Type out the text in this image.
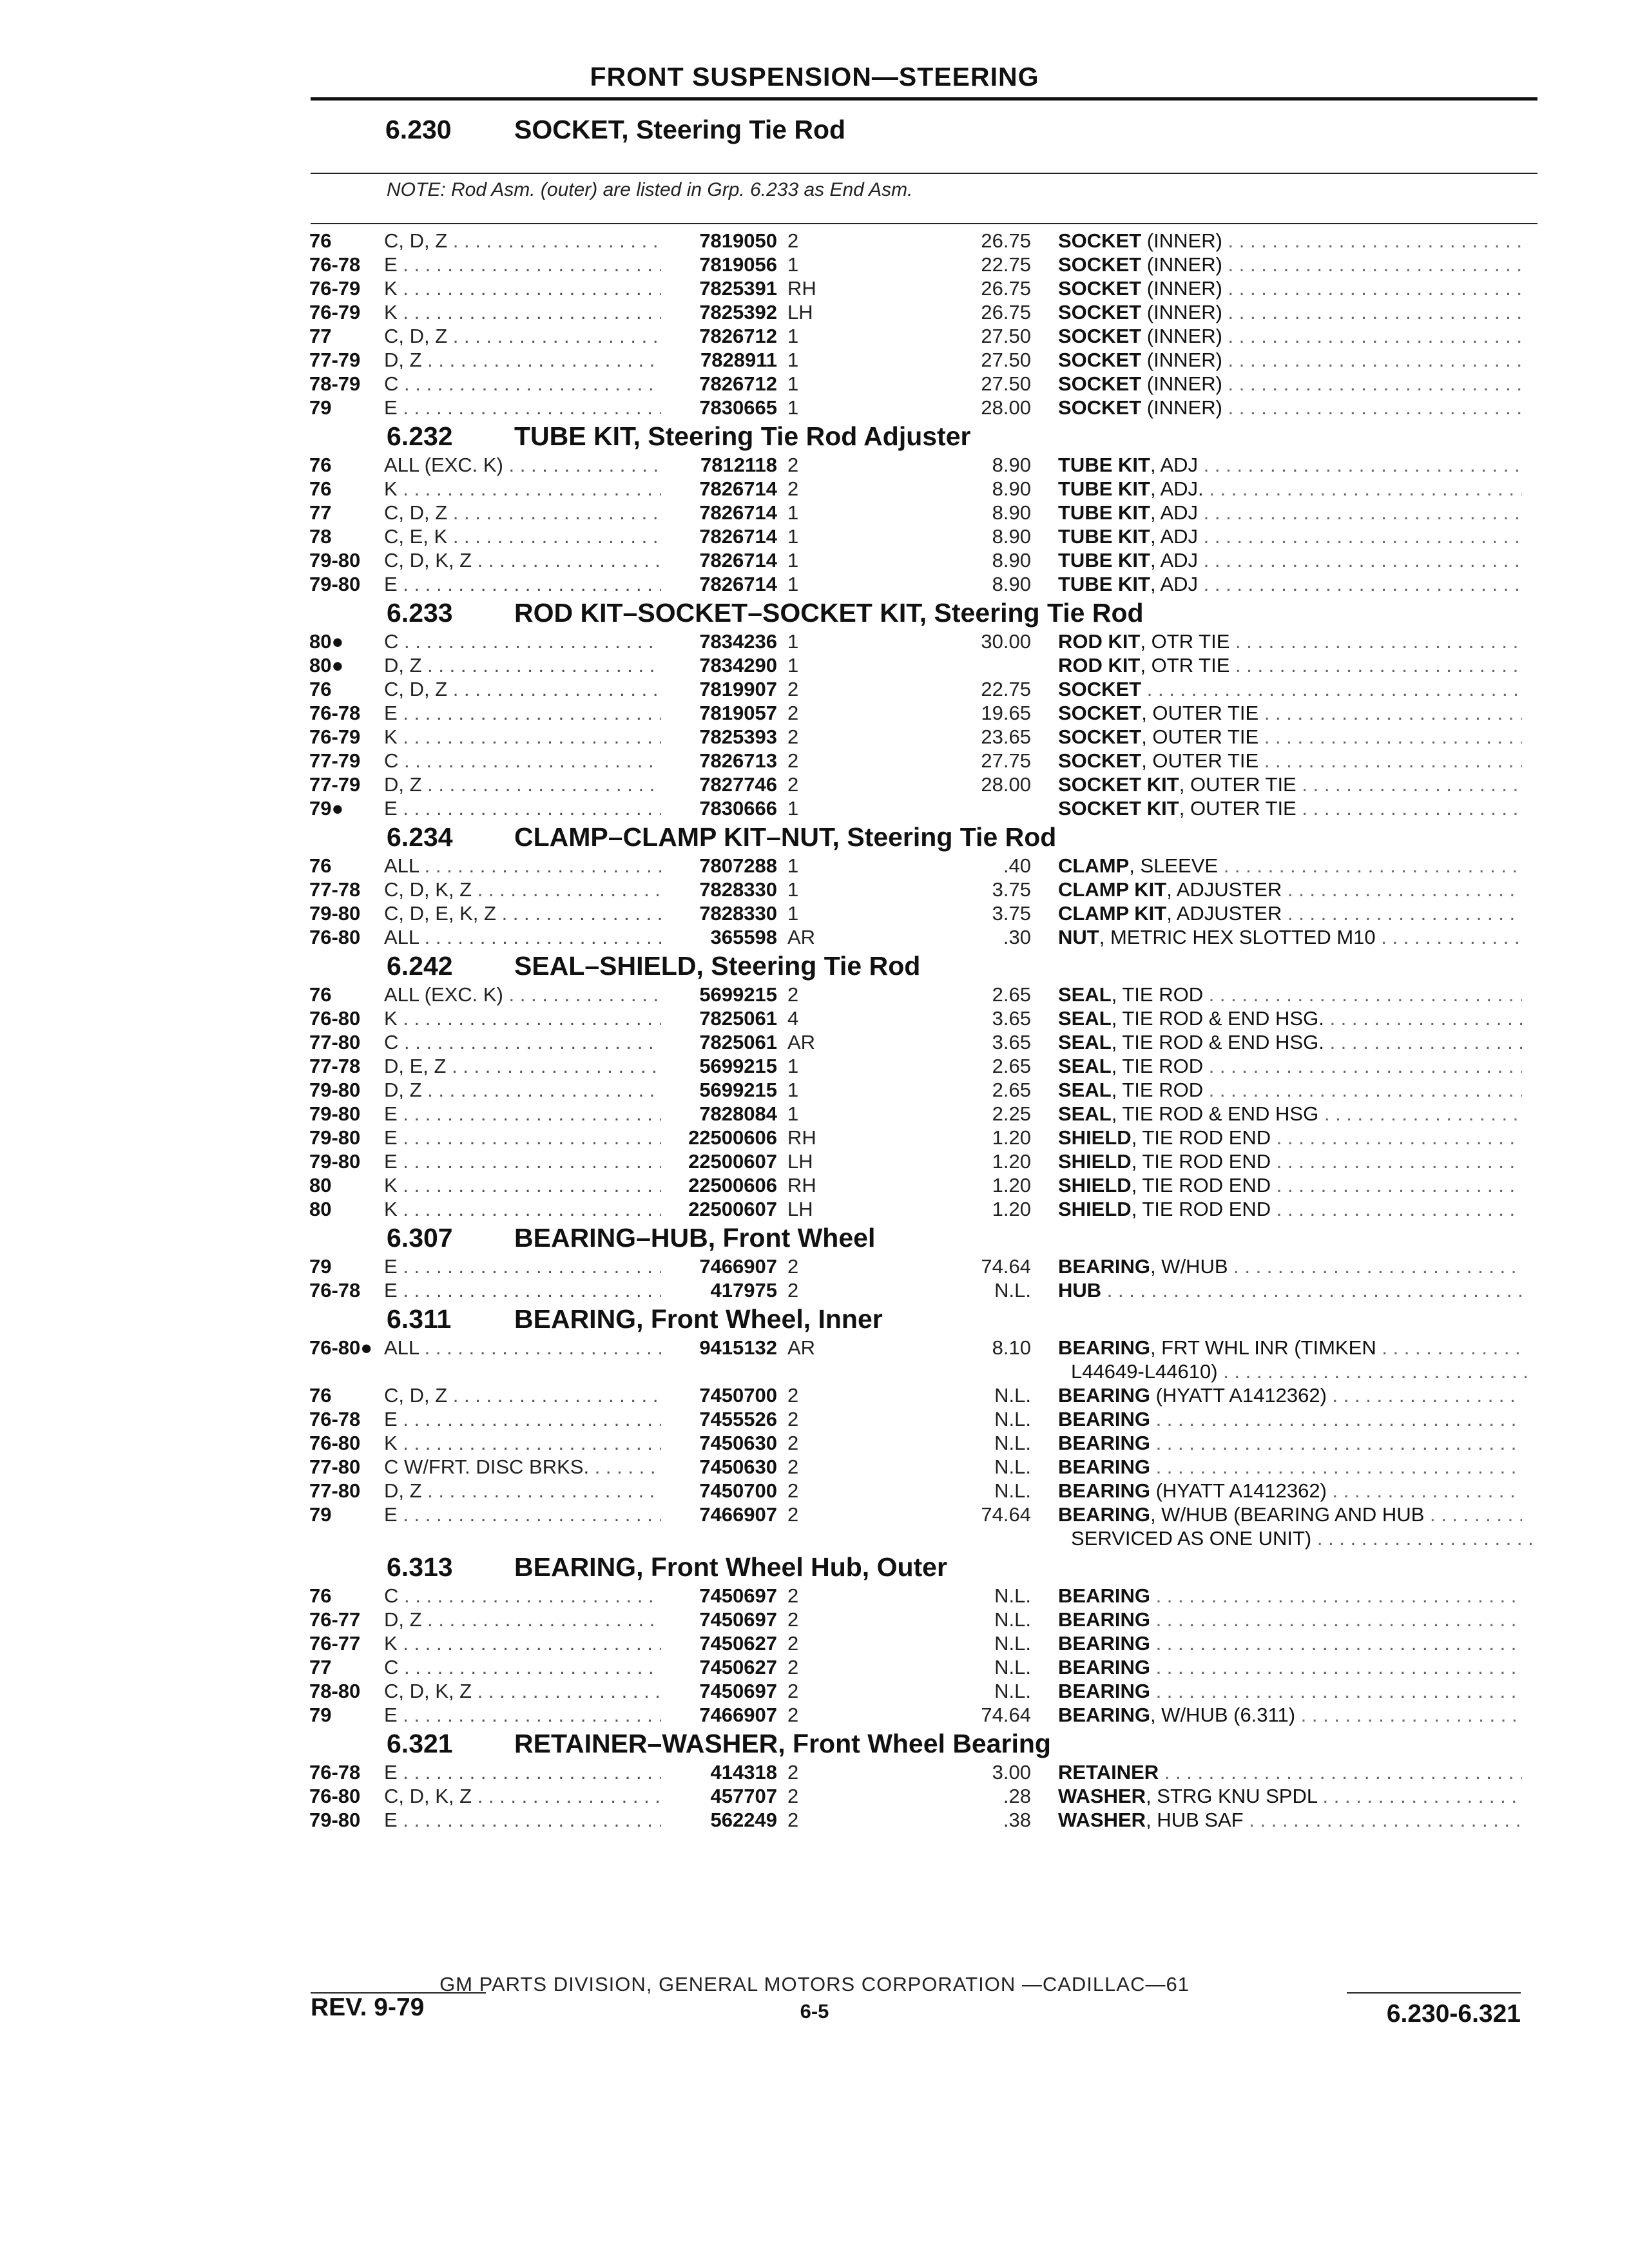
FRONT SUSPENSION—STEERING
6.230 SOCKET, Steering Tie Rod
NOTE: Rod Asm. (outer) are listed in Grp. 6.233 as End Asm.
76	C, D, Z . . .	7819050 2	26.75 SOCKET (INNER) . . .
76-78 E . . .	7819056 1	22.75 SOCKET (INNER) . . .
76-79 K . . .	7825391 RH	26.75 SOCKET (INNER) . . .
76-79 K . . .	7825392 LH	26.75 SOCKET (INNER) . . .
77	C, D, Z . . .	7826712 1	27.50 SOCKET (INNER) . . .
77-79 D, Z . . .	7828911 1	27.50 SOCKET (INNER) . . .
78-79 C . . .	7826712 1	27.50 SOCKET (INNER) . . .
79	E . . .	7830665 1	28.00 SOCKET (INNER) . . .
6.232 TUBE KIT, Steering Tie Rod Adjuster
76	ALL (EXC. K) . . .	7812118 2	8.90 TUBE KIT, ADJ . . .
76	K . . .	7826714 2	8.90 TUBE KIT, ADJ. . . .
77	C, D, Z . . .	7826714 1	8.90 TUBE KIT, ADJ . . .
78	C, E, K . . .	7826714 1	8.90 TUBE KIT, ADJ . . .
79-80 C, D, K, Z . . .	7826714 1	8.90 TUBE KIT, ADJ . . .
79-80 E . . .	7826714 1	8.90 TUBE KIT, ADJ . . .
6.233 ROD KIT–SOCKET–SOCKET KIT, Steering Tie Rod
80● C . . .	7834236 1	30.00 ROD KIT, OTR TIE . . .
80● D, Z . . .	7834290 1	ROD KIT, OTR TIE . . .
76	C, D, Z . . .	7819907 2	22.75 SOCKET . . .
76-78 E . . .	7819057 2	19.65 SOCKET, OUTER TIE . . .
76-79 K . . .	7825393 2	23.65 SOCKET, OUTER TIE . . .
77-79 C . . .	7826713 2	27.75 SOCKET, OUTER TIE . . .
77-79 D, Z . . .	7827746 2	28.00 SOCKET KIT, OUTER TIE . . .
79● E . . .	7830666 1	SOCKET KIT, OUTER TIE . . .
6.234 CLAMP–CLAMP KIT–NUT, Steering Tie Rod
76	ALL . . .	7807288 1	.40 CLAMP, SLEEVE . . .
77-78 C, D, K, Z . . .	7828330 1	3.75 CLAMP KIT, ADJUSTER . . .
79-80 C, D, E, K, Z . . .	7828330 1	3.75 CLAMP KIT, ADJUSTER . . .
76-80 ALL . . .	365598 AR	.30 NUT, METRIC HEX SLOTTED M10 . . .
6.242 SEAL–SHIELD, Steering Tie Rod
76	ALL (EXC. K) . . .	5699215 2	2.65 SEAL, TIE ROD . . .
76-80 K . . .	7825061 4	3.65 SEAL, TIE ROD & END HSG. . . .
77-80 C . . .	7825061 AR	3.65 SEAL, TIE ROD & END HSG. . . .
77-78 D, E, Z . . .	5699215 1	2.65 SEAL, TIE ROD . . .
79-80 D, Z . . .	5699215 1	2.65 SEAL, TIE ROD . . .
79-80 E . . .	7828084 1	2.25 SEAL, TIE ROD & END HSG . . .
79-80 E . . .	22500606 RH	1.20 SHIELD, TIE ROD END . . .
79-80 E . . .	22500607 LH	1.20 SHIELD, TIE ROD END . . .
80	K . . .	22500606 RH	1.20 SHIELD, TIE ROD END . . .
80	K . . .	22500607 LH	1.20 SHIELD, TIE ROD END . . .
6.307 BEARING–HUB, Front Wheel
79	E . . .	7466907 2	74.64 BEARING, W/HUB . . .
76-78 E . . .	417975 2	N.L. HUB . . .
6.311 BEARING, Front Wheel, Inner
76-80● ALL . . .	9415132 AR	8.10 BEARING, FRT WHL INR (TIMKEN . . .
L44649-L44610) . . .
76	C, D, Z . . .	7450700 2	N.L. BEARING (HYATT A1412362) . . .
76-78 E . . .	7455526 2	N.L. BEARING . . .
76-80 K . . .	7450630 2	N.L. BEARING . . .
77-80 C W/FRT. DISC BRKS. . . .	7450630 2	N.L. BEARING . . .
77-80 D, Z . . .	7450700 2	N.L. BEARING (HYATT A1412362) . . .
79	E . . .	7466907 2	74.64 BEARING, W/HUB (BEARING AND HUB . . .
SERVICED AS ONE UNIT) . . .
6.313 BEARING, Front Wheel Hub, Outer
76	C . . .	7450697 2	N.L. BEARING . . .
76-77 D, Z . . .	7450697 2	N.L. BEARING . . .
76-77 K . . .	7450627 2	N.L. BEARING . . .
77	C . . .	7450627 2	N.L. BEARING . . .
78-80 C, D, K, Z . . .	7450697 2	N.L. BEARING . . .
79	E . . .	7466907 2	74.64 BEARING, W/HUB (6.311) . . .
6.321 RETAINER–WASHER, Front Wheel Bearing
76-78 E . . .	414318 2	3.00 RETAINER . . .
76-80 C, D, K, Z . . .	457707 2	.28 WASHER, STRG KNU SPDL . . .
79-80 E . . .	562249 2	.38 WASHER, HUB SAF . . .
GM PARTS DIVISION, GENERAL MOTORS CORPORATION —CADILLAC—61
REV. 9-79	6-5	6.230-6.321
